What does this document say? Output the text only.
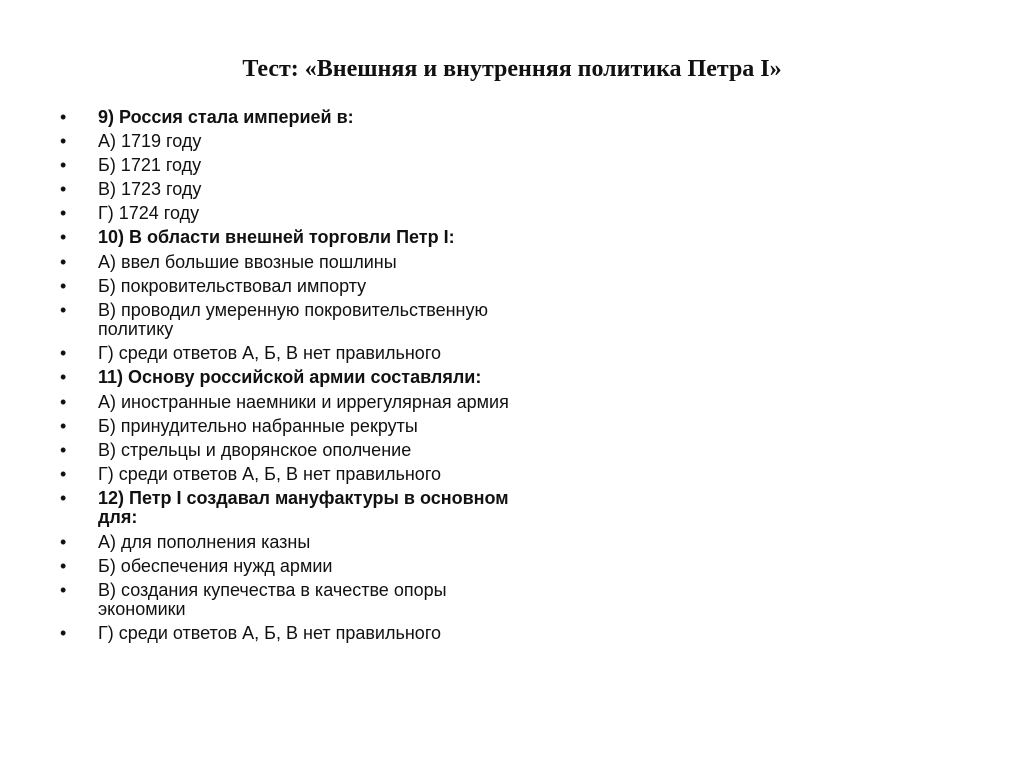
Тест: «Внешняя и внутренняя политика Петра I»
• 9) Россия стала империей в:
• А) 1719 году
• Б) 1721 году
• В) 1723 году
• Г) 1724 году
• 10) В области внешней торговли Петр I:
• А) ввел большие ввозные пошлины
• Б) покровительствовал импорту
• В) проводил умеренную покровительственную политику
• Г) среди ответов А, Б, В нет правильного
• 11) Основу российской армии составляли:
• А) иностранные наемники и иррегулярная армия
• Б) принудительно набранные рекруты
• В) стрельцы и дворянское ополчение
• Г) среди ответов А, Б, В нет правильного
• 12) Петр I создавал мануфактуры в основном для:
• А) для пополнения казны
• Б) обеспечения нужд армии
• В) создания купечества в качестве опоры экономики
• Г) среди ответов А, Б, В нет правильного
